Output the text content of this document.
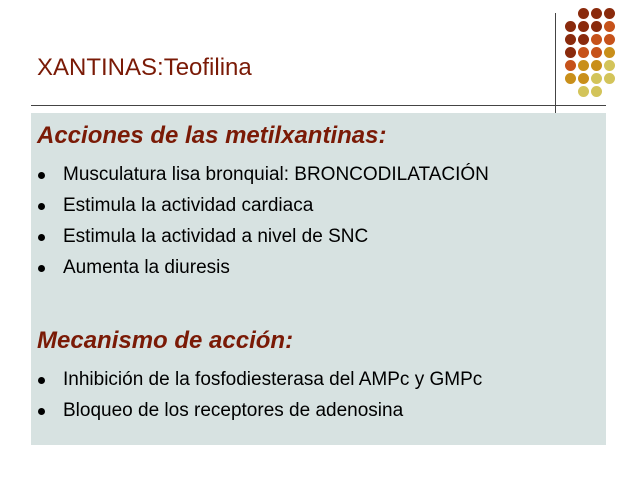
XANTINAS:Teofilina
Acciones de las metilxantinas:
Musculatura lisa bronquial: BRONCODILATACIÓN
Estimula la actividad cardiaca
Estimula la actividad a nivel de SNC
Aumenta la diuresis
Mecanismo de acción:
Inhibición de la fosfodiesterasa del AMPc y GMPc
Bloqueo de los receptores de adenosina
